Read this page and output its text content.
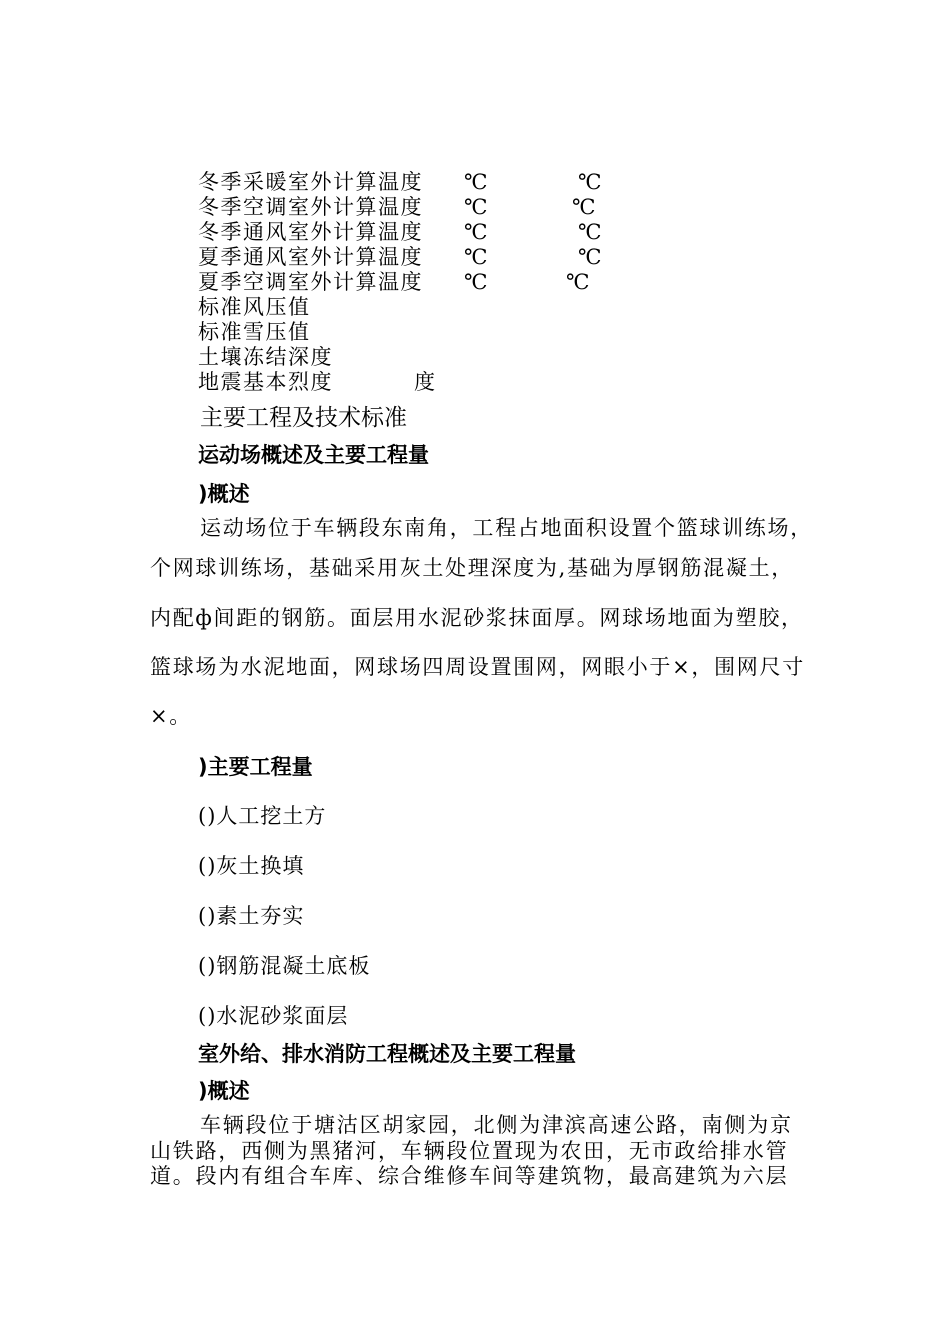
冬季采暖室外计算温度 ℃	℃
冬季空调室外计算温度 ℃	℃
冬季通风室外计算温度 ℃	℃
夏季通风室外计算温度 ℃	℃
夏季空调室外计算温度 ℃	℃
标准风压值
标准雪压值
土壤冻结深度
地震基本烈度	度
主要工程及技术标准
运动场概述及主要工程量
)概述
运动场位于车辆段东南角，工程占地面积设置个篮球训练场，
个网球训练场，基础采用灰土处理深度为,基础为厚钢筋混凝土，
内配ф间距的钢筋。面层用水泥砂浆抹面厚。网球场地面为塑胶，
篮球场为水泥地面，网球场四周设置围网，网眼小于×，围网尺寸
×。
)主要工程量
()人工挖土方
()灰土换填
()素土夯实
()钢筋混凝土底板
()水泥砂浆面层
室外给、排水消防工程概述及主要工程量
)概述
车辆段位于塘沽区胡家园，北侧为津滨高速公路，南侧为京
山铁路，西侧为黑猪河，车辆段位置现为农田，无市政给排水管
道。段内有组合车库、综合维修车间等建筑物，最高建筑为六层
